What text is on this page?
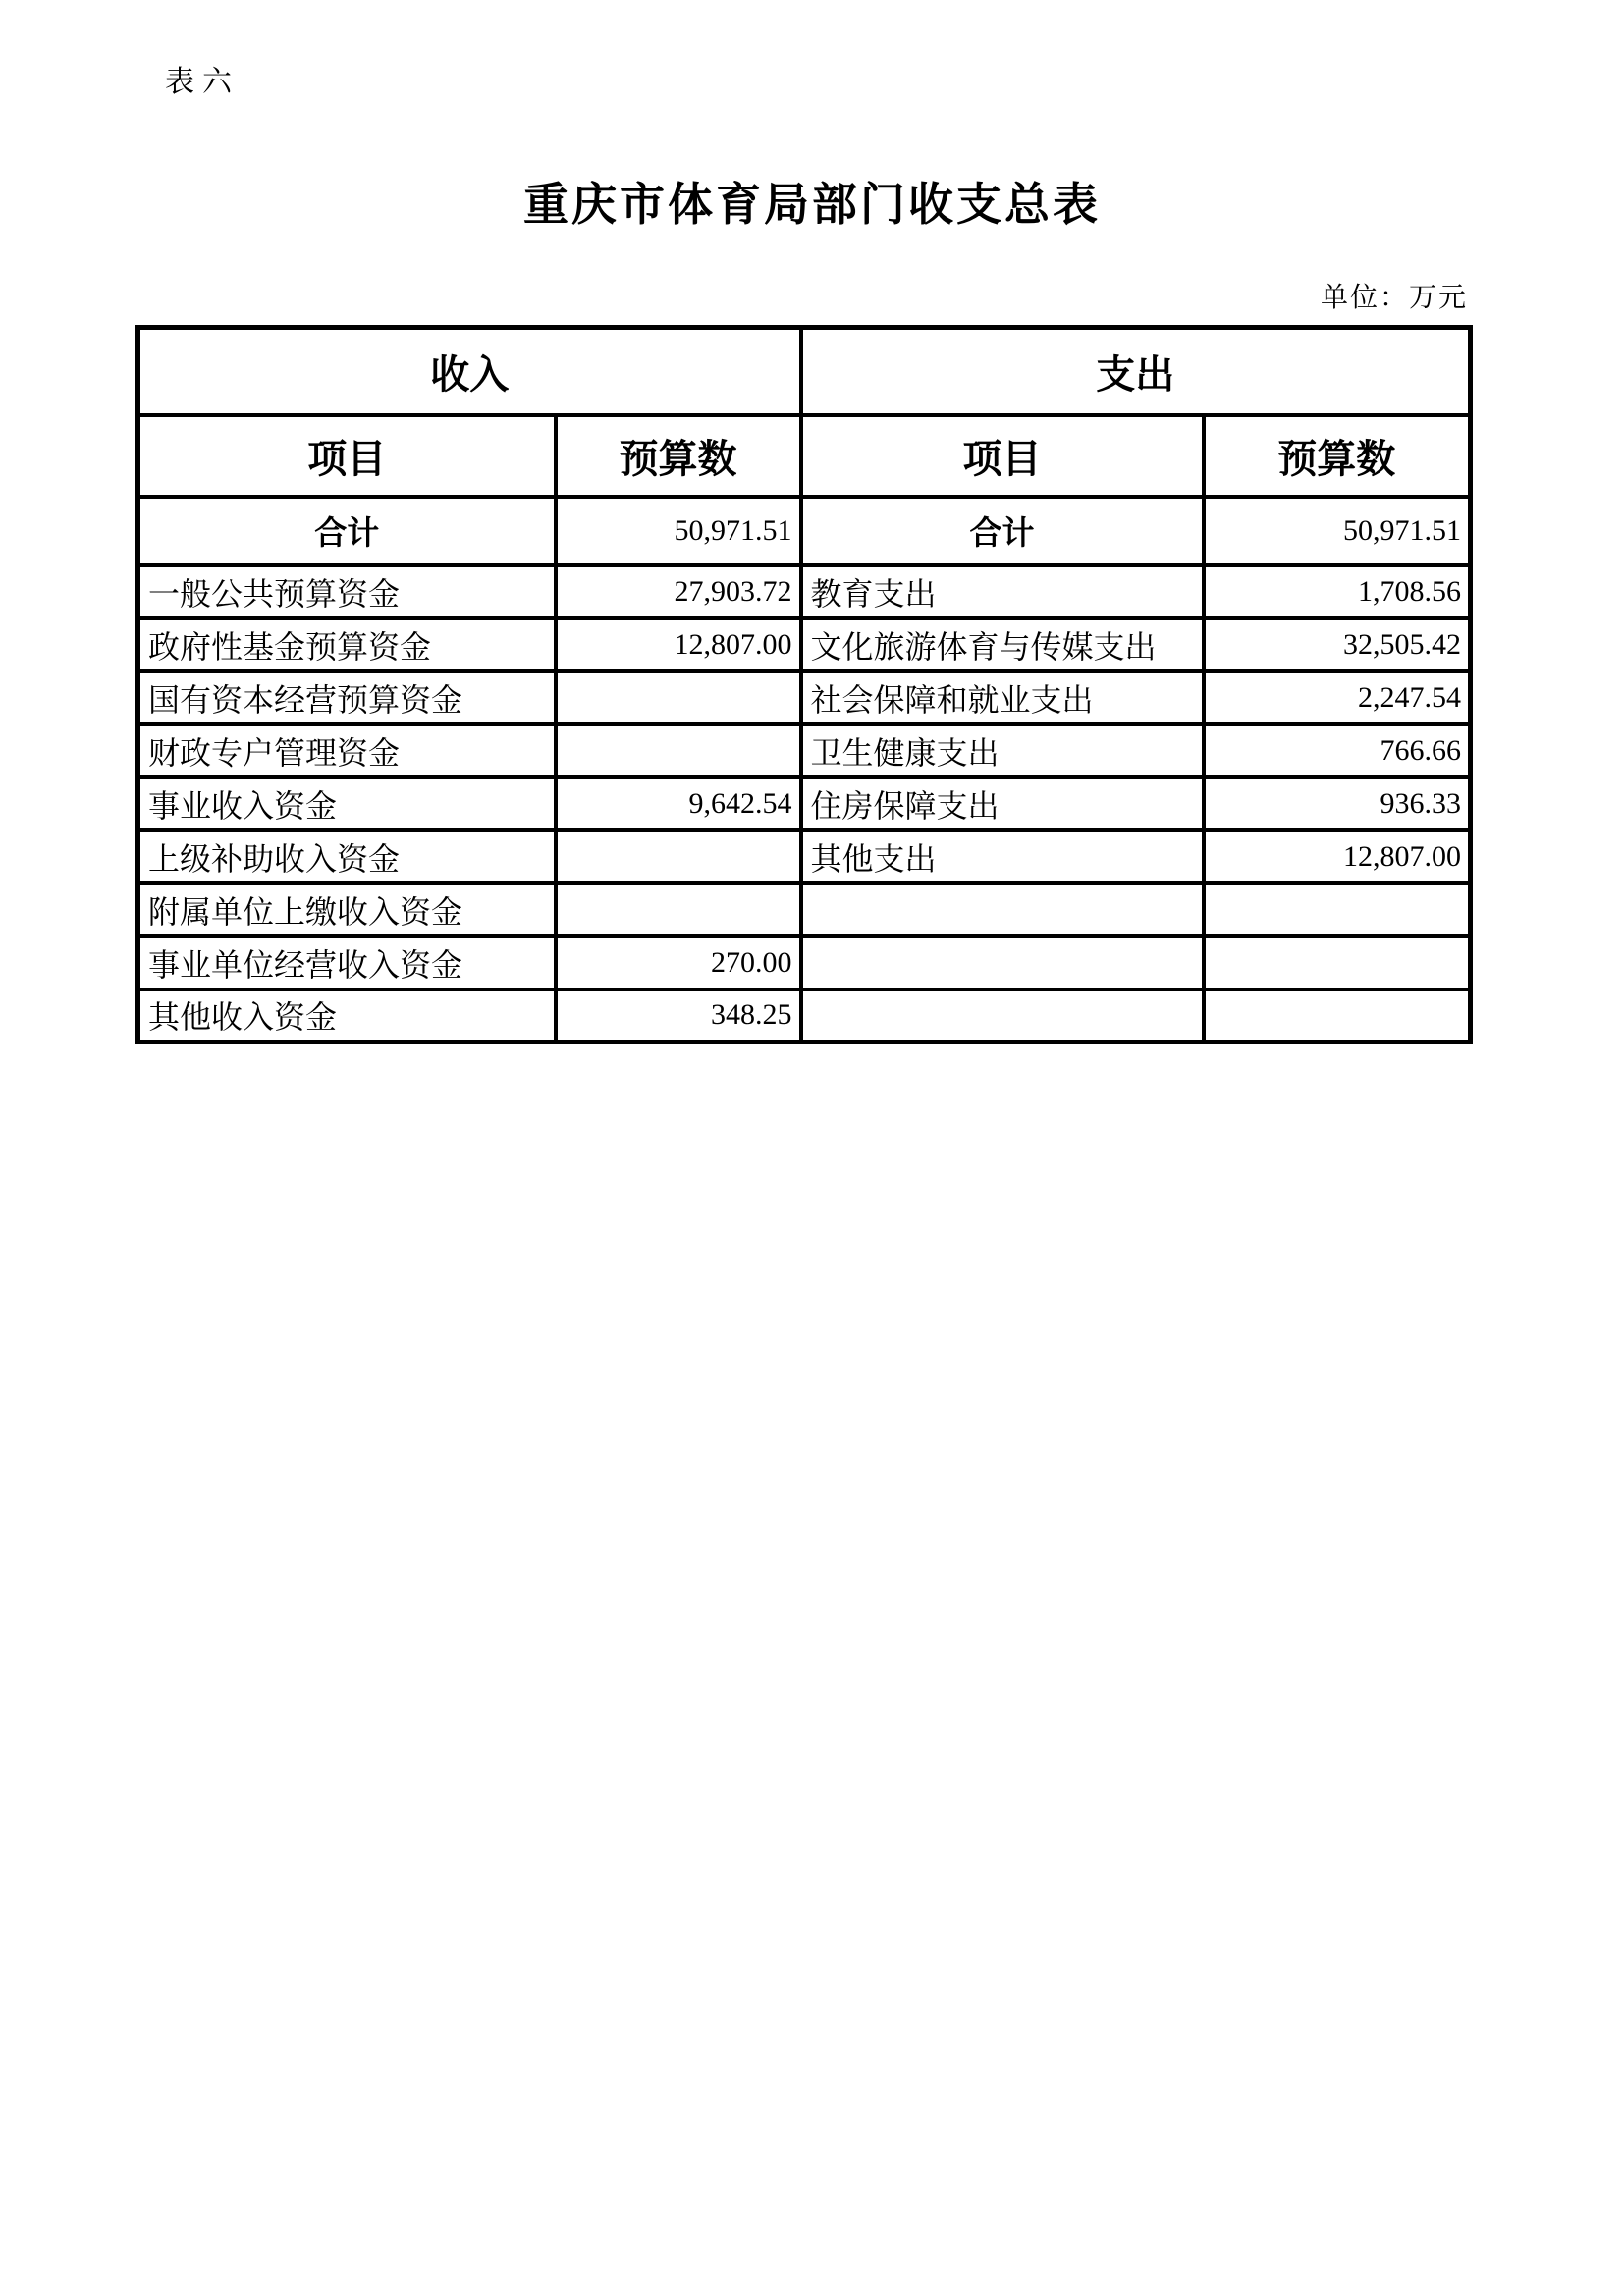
表六
重庆市体育局部门收支总表
单位：万元
收入		支出	
项目	预算数	项目	预算数
合计	50,971.51	合计	50,971.51
一般公共预算资金	27,903.72	教育支出	1,708.56
政府性基金预算资金	12,807.00	文化旅游体育与传媒支出	32,505.42
国有资本经营预算资金		社会保障和就业支出	2,247.54
财政专户管理资金		卫生健康支出	766.66
事业收入资金	9,642.54	住房保障支出	936.33
上级补助收入资金		其他支出	12,807.00
附属单位上缴收入资金			
事业单位经营收入资金	270.00		
其他收入资金	348.25		
